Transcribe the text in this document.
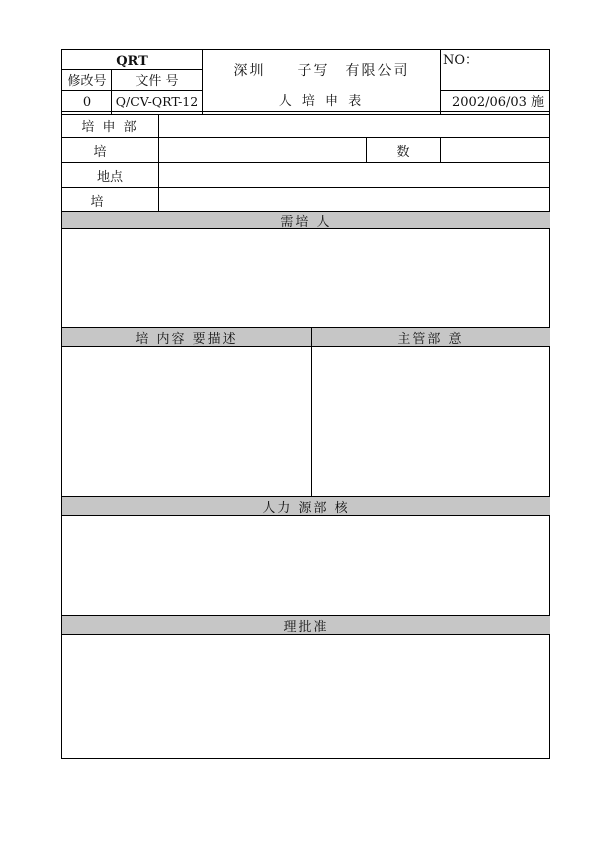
QRT
修改号	文件 号
0	Q/CV-QRT-12
深圳　　子写　有限公司
人 培 申 表
NO：
2002/06/03 施
培 申 部
培	数
地点
培
需培 人
培 内容 要描述	主管部 意
人力 源部 核
理批准
